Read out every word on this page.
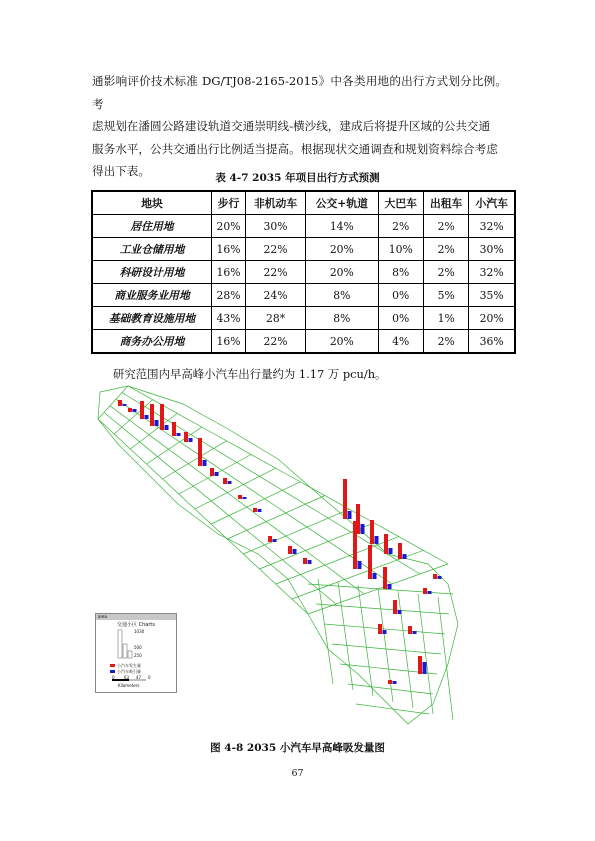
通影响评价技术标准 DG/TJ08-2165-2015》中各类用地的出行方式划分比例。考

虑规划在潘圆公路建设轨道交通崇明线-横沙线，建成后将提升区域的公共交通

服务水平，公共交通出行比例适当提高。根据现状交通调查和规划资料综合考虑

得出下表。	表 4-7 2035 年项目出行方式预测
地块	步行	非机动车	公交+轨道	大巴车	出租车	小汽车
居住用地	20%	30%	14%	2%	2%	32%
工业仓储用地	16%	22%	20%	10%	2%	30%
科研设计用地	16%	22%	20%	8%	2%	32%
商业服务业用地	28%	24%	8%	0%	5%	35%
基础教育设施用地	43%	28*	8%	0%	1%	20%
商务办公用地	16%	22%	20%	4%	2%	36%
研究范围内早高峰小汽车出行量约为 1.17 万 pcu/h。
area
交通小区 Charts
1030
500
250
小汽车发生量
小汽车吸引量
0 63 47 0
Kilometers
图 4-8 2035 小汽车早高峰吸发量图
67
